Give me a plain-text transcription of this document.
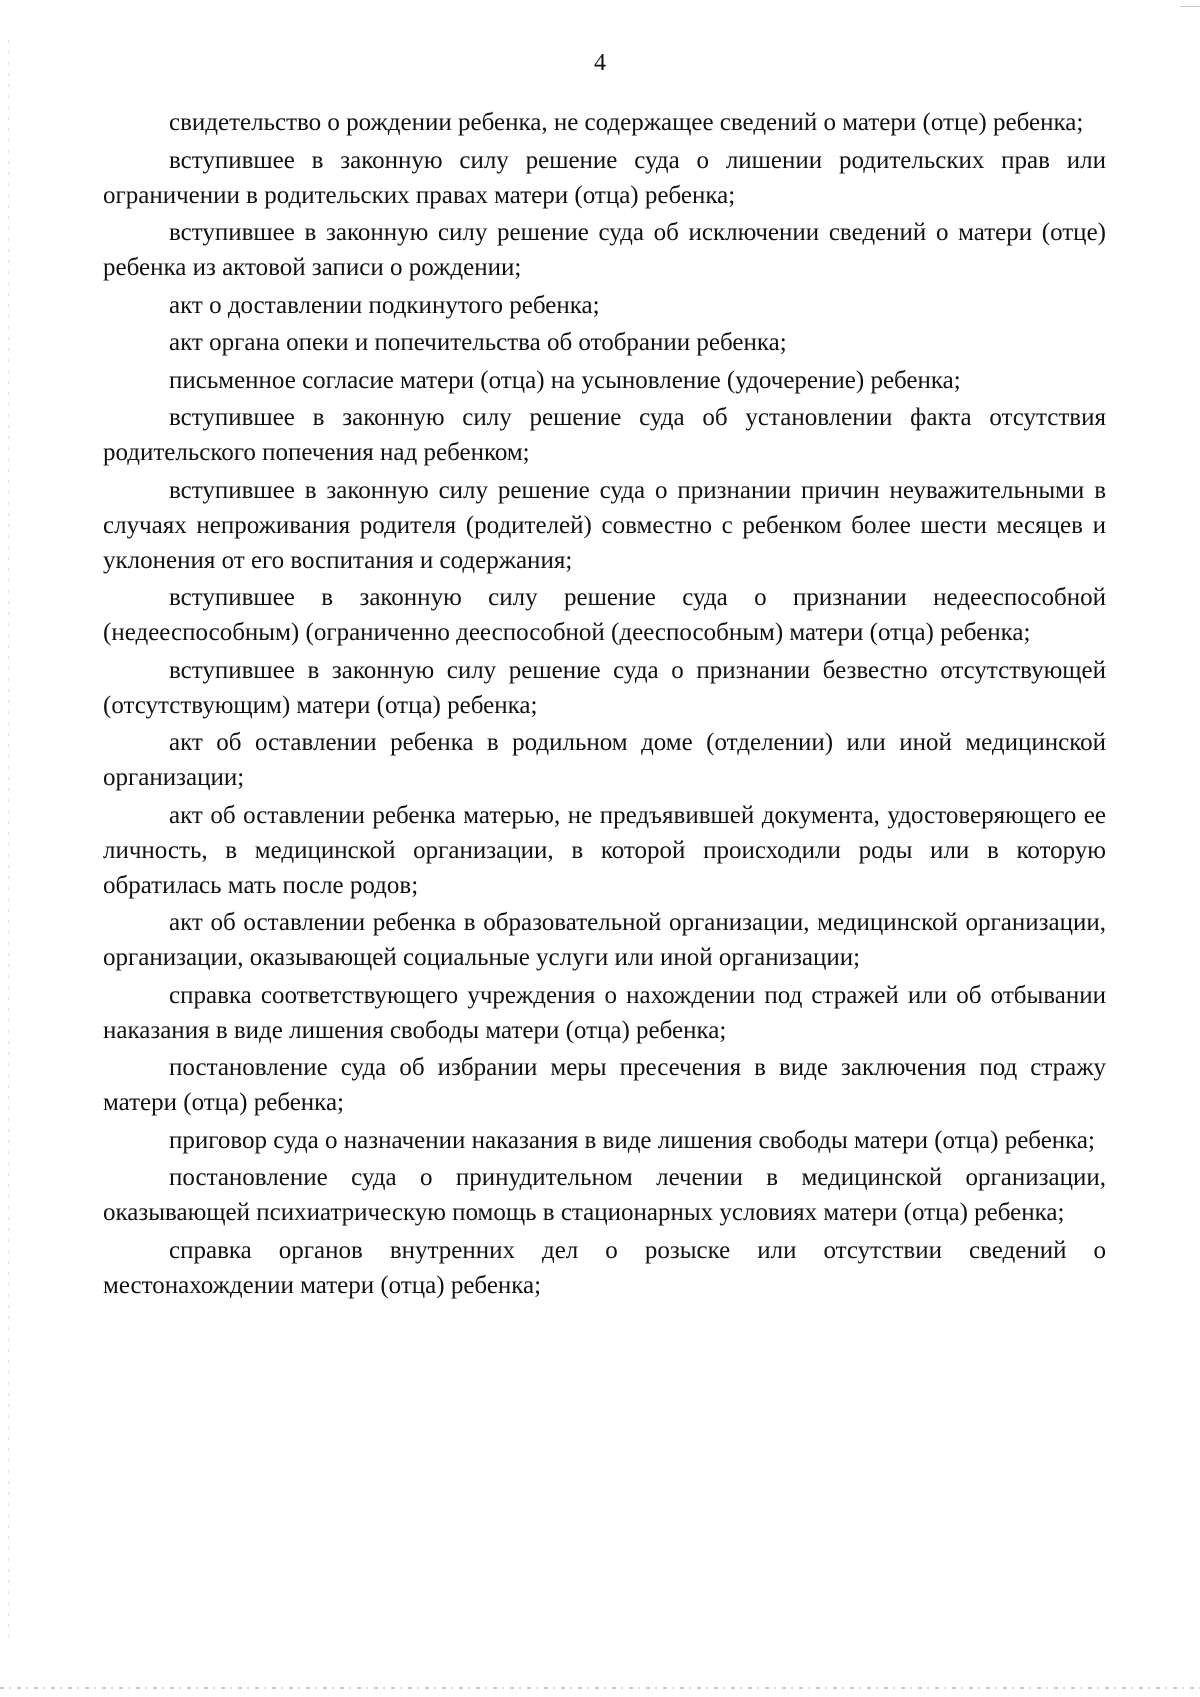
4

свидетельство о рождении ребенка, не содержащее сведений о матери (отце) ребенка;

вступившее в законную силу решение суда о лишении родительских прав или ограничении в родительских правах матери (отца) ребенка;

вступившее в законную силу решение суда об исключении сведений о матери (отце) ребенка из актовой записи о рождении;

акт о доставлении подкинутого ребенка;

акт органа опеки и попечительства об отобрании ребенка;

письменное согласие матери (отца) на усыновление (удочерение) ребенка;

вступившее в законную силу решение суда об установлении факта отсутствия родительского попечения над ребенком;

вступившее в законную силу решение суда о признании причин неуважительными в случаях непроживания родителя (родителей) совместно с ребенком более шести месяцев и уклонения от его воспитания и содержания;

вступившее в законную силу решение суда о признании недееспособной (недееспособным) (ограниченно дееспособной (дееспособным) матери (отца) ребенка;

вступившее в законную силу решение суда о признании безвестно отсутствующей (отсутствующим) матери (отца) ребенка;

акт об оставлении ребенка в родильном доме (отделении) или иной медицинской организации;

акт об оставлении ребенка матерью, не предъявившей документа, удостоверяющего ее личность, в медицинской организации, в которой происходили роды или в которую обратилась мать после родов;

акт об оставлении ребенка в образовательной организации, медицинской организации, организации, оказывающей социальные услуги или иной организации;

справка соответствующего учреждения о нахождении под стражей или об отбывании наказания в виде лишения свободы матери (отца) ребенка;

постановление суда об избрании меры пресечения в виде заключения под стражу матери (отца) ребенка;

приговор суда о назначении наказания в виде лишения свободы матери (отца) ребенка;

постановление суда о принудительном лечении в медицинской организации, оказывающей психиатрическую помощь в стационарных условиях матери (отца) ребенка;

справка органов внутренних дел о розыске или отсутствии сведений о местонахождении матери (отца) ребенка;
